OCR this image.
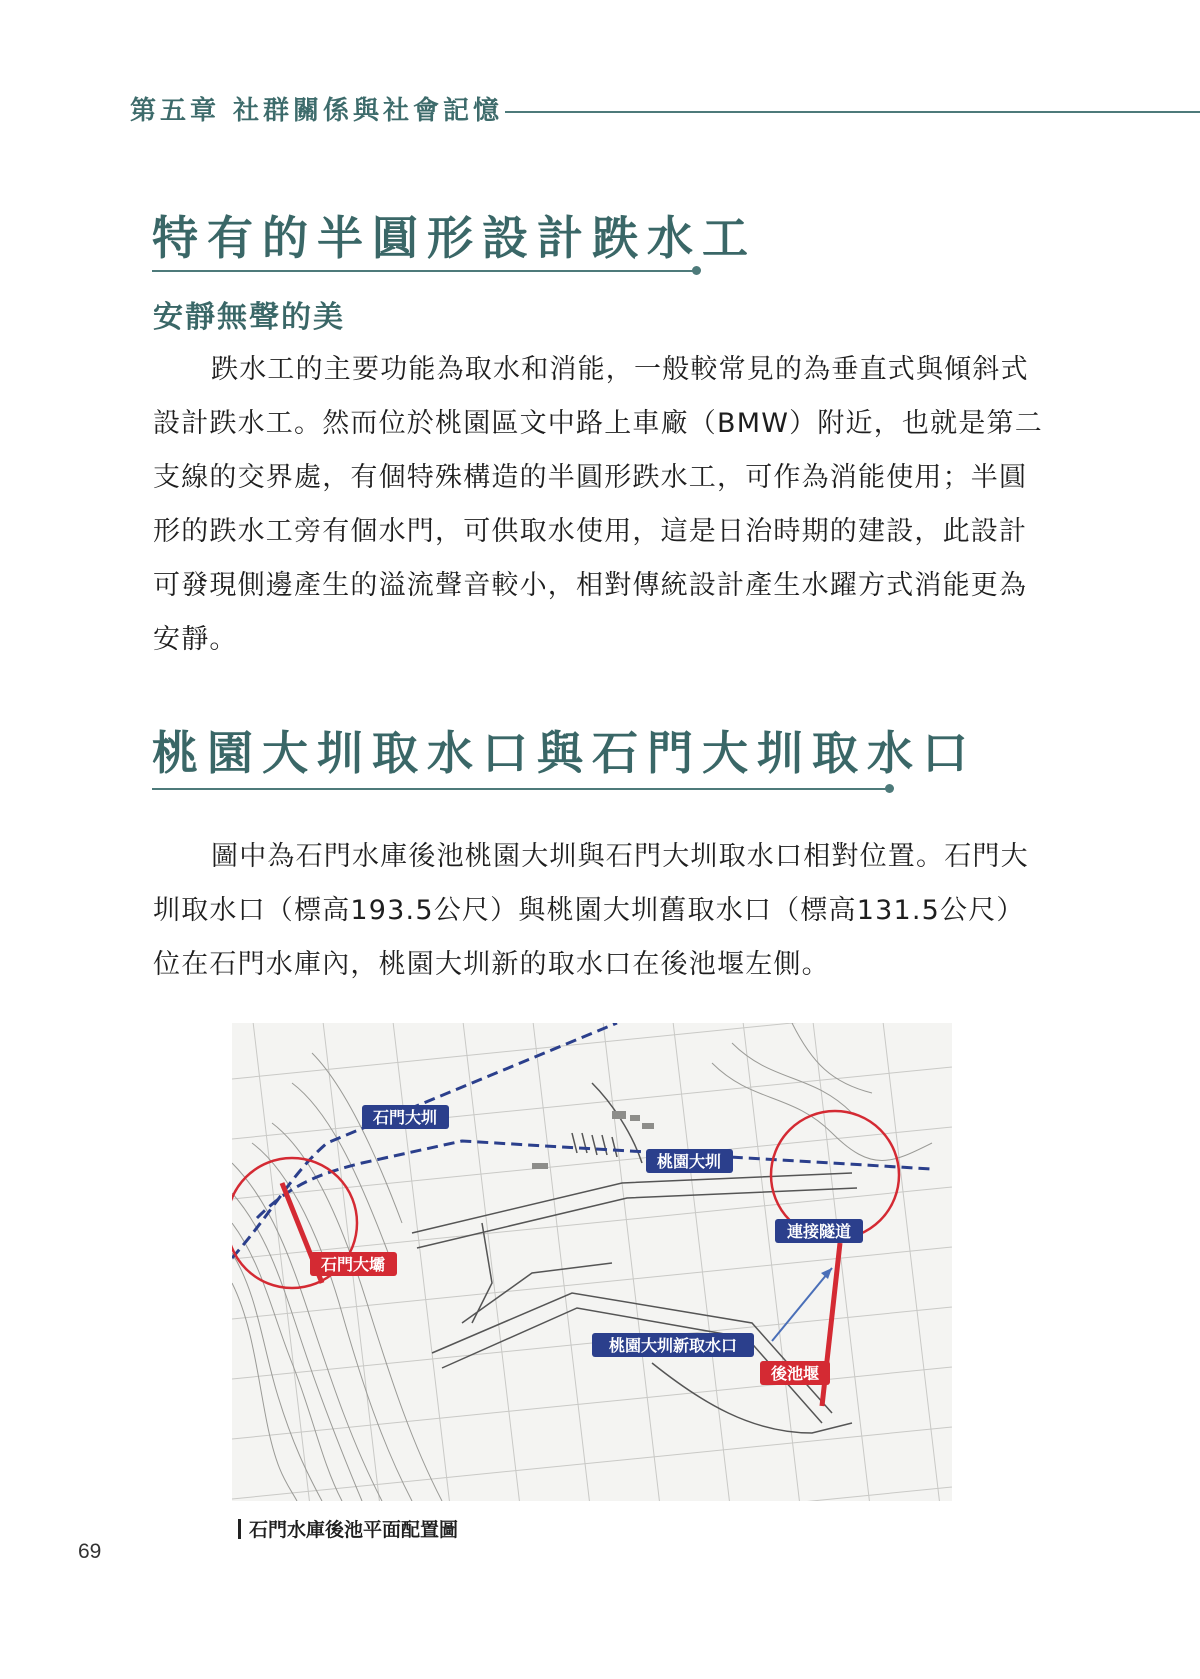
第五章 社群關係與社會記憶
特有的半圓形設計跌水工
安靜無聲的美

跌水工的主要功能為取水和消能，一般較常見的為垂直式與傾斜式設計跌水工。然而位於桃園區文中路上車廠（BMW）附近，也就是第二支線的交界處，有個特殊構造的半圓形跌水工，可作為消能使用；半圓形的跌水工旁有個水門，可供取水使用，這是日治時期的建設，此設計可發現側邊產生的溢流聲音較小，相對傳統設計產生水躍方式消能更為安靜。

桃園大圳取水口與石門大圳取水口

圖中為石門水庫後池桃園大圳與石門大圳取水口相對位置。石門大圳取水口（標高193.5公尺）與桃園大圳舊取水口（標高131.5公尺）位在石門水庫內，桃園大圳新的取水口在後池堰左側。

石門大圳
桃園大圳
石門大壩
連接隧道
桃園大圳新取水口
後池堰
石門水庫後池平面配置圖
69
